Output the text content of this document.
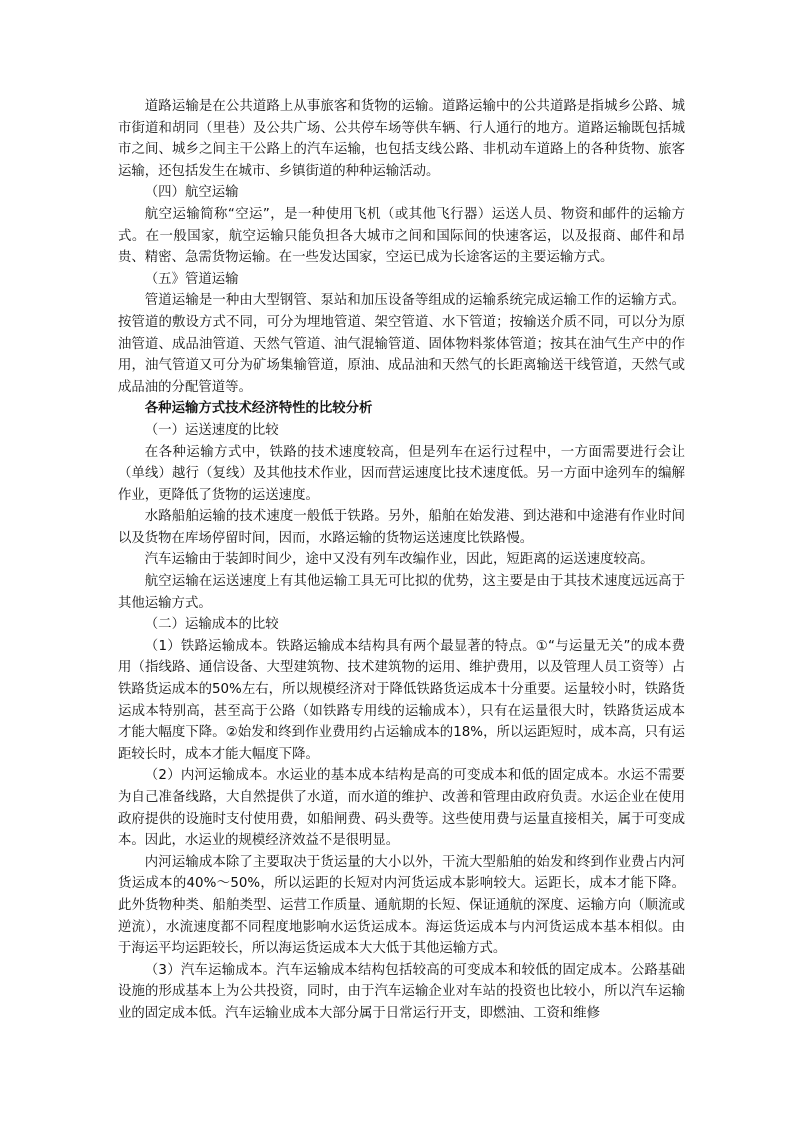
道路运输是在公共道路上从事旅客和货物的运输。道路运输中的公共道路是指城乡公路、城市街道和胡同（里巷）及公共广场、公共停车场等供车辆、行人通行的地方。道路运输既包括城市之间、城乡之间主干公路上的汽车运输，也包括支线公路、非机动车道路上的各种货物、旅客运输，还包括发生在城市、乡镇街道的种种运输活动。

（四）航空运输

航空运输简称“空运”，是一种使用飞机（或其他飞行器）运送人员、物资和邮件的运输方式。在一般国家，航空运输只能负担各大城市之间和国际间的快速客运，以及报商、邮件和昂贵、精密、急需货物运输。在一些发达国家，空运已成为长途客运的主要运输方式。

（五》管道运输

管道运输是一种由大型钢管、泵站和加压设备等组成的运输系统完成运输工作的运输方式。按管道的敷设方式不同，可分为埋地管道、架空管道、水下管道；按输送介质不同，可以分为原油管道、成品油管道、天然气管道、油气混输管道、固体物料浆体管道；按其在油气生产中的作用，油气管道又可分为矿场集输管道，原油、成品油和天然气的长距离输送干线管道，天然气或成品油的分配管道等。

各种运输方式技术经济特性的比较分析

（一）运送速度的比较

在各种运输方式中，铁路的技术速度较高，但是列车在运行过程中，一方面需要进行会让（单线）越行（复线）及其他技术作业，因而营运速度比技术速度低。另一方面中途列车的编解作业，更降低了货物的运送速度。

水路船舶运输的技术速度一般低于铁路。另外，船舶在始发港、到达港和中途港有作业时间以及货物在库场停留时间，因而，水路运输的货物运送速度比铁路慢。

汽车运输由于装卸时间少，途中又没有列车改编作业，因此，短距离的运送速度较高。

航空运输在运送速度上有其他运输工具无可比拟的优势，这主要是由于其技术速度远远高于其他运输方式。

（二）运输成本的比较

（1）铁路运输成本。铁路运输成本结构具有两个最显著的特点。①“与运量无关”的成本费用（指线路、通信设备、大型建筑物、技术建筑物的运用、维护费用，以及管理人员工资等）占铁路货运成本的50%左右，所以规模经济对于降低铁路货运成本十分重要。运量较小时，铁路货运成本特别高，甚至高于公路（如铁路专用线的运输成本），只有在运量很大时，铁路货运成本才能大幅度下降。②始发和终到作业费用约占运输成本的18%，所以运距短时，成本高，只有运距较长时，成本才能大幅度下降。

（2）内河运输成本。水运业的基本成本结构是高的可变成本和低的固定成本。水运不需要为自己准备线路，大自然提供了水道，而水道的维护、改善和管理由政府负责。水运企业在使用政府提供的设施时支付使用费，如船闸费、码头费等。这些使用费与运量直接相关，属于可变成本。因此，水运业的规模经济效益不是很明显。

内河运输成本除了主要取决于货运量的大小以外，干流大型船舶的始发和终到作业费占内河货运成本的40%～50%，所以运距的长短对内河货运成本影响较大。运距长，成本才能下降。此外货物种类、船舶类型、运营工作质量、通航期的长短、保证通航的深度、运输方向（顺流或逆流），水流速度都不同程度地影响水运货运成本。海运货运成本与内河货运成本基本相似。由于海运平均运距较长，所以海运货运成本大大低于其他运输方式。

（3）汽车运输成本。汽车运输成本结构包括较高的可变成本和较低的固定成本。公路基础设施的形成基本上为公共投资，同时，由于汽车运输企业对车站的投资也比较小，所以汽车运输业的固定成本低。汽车运输业成本大部分属于日常运行开支，即燃油、工资和维修
